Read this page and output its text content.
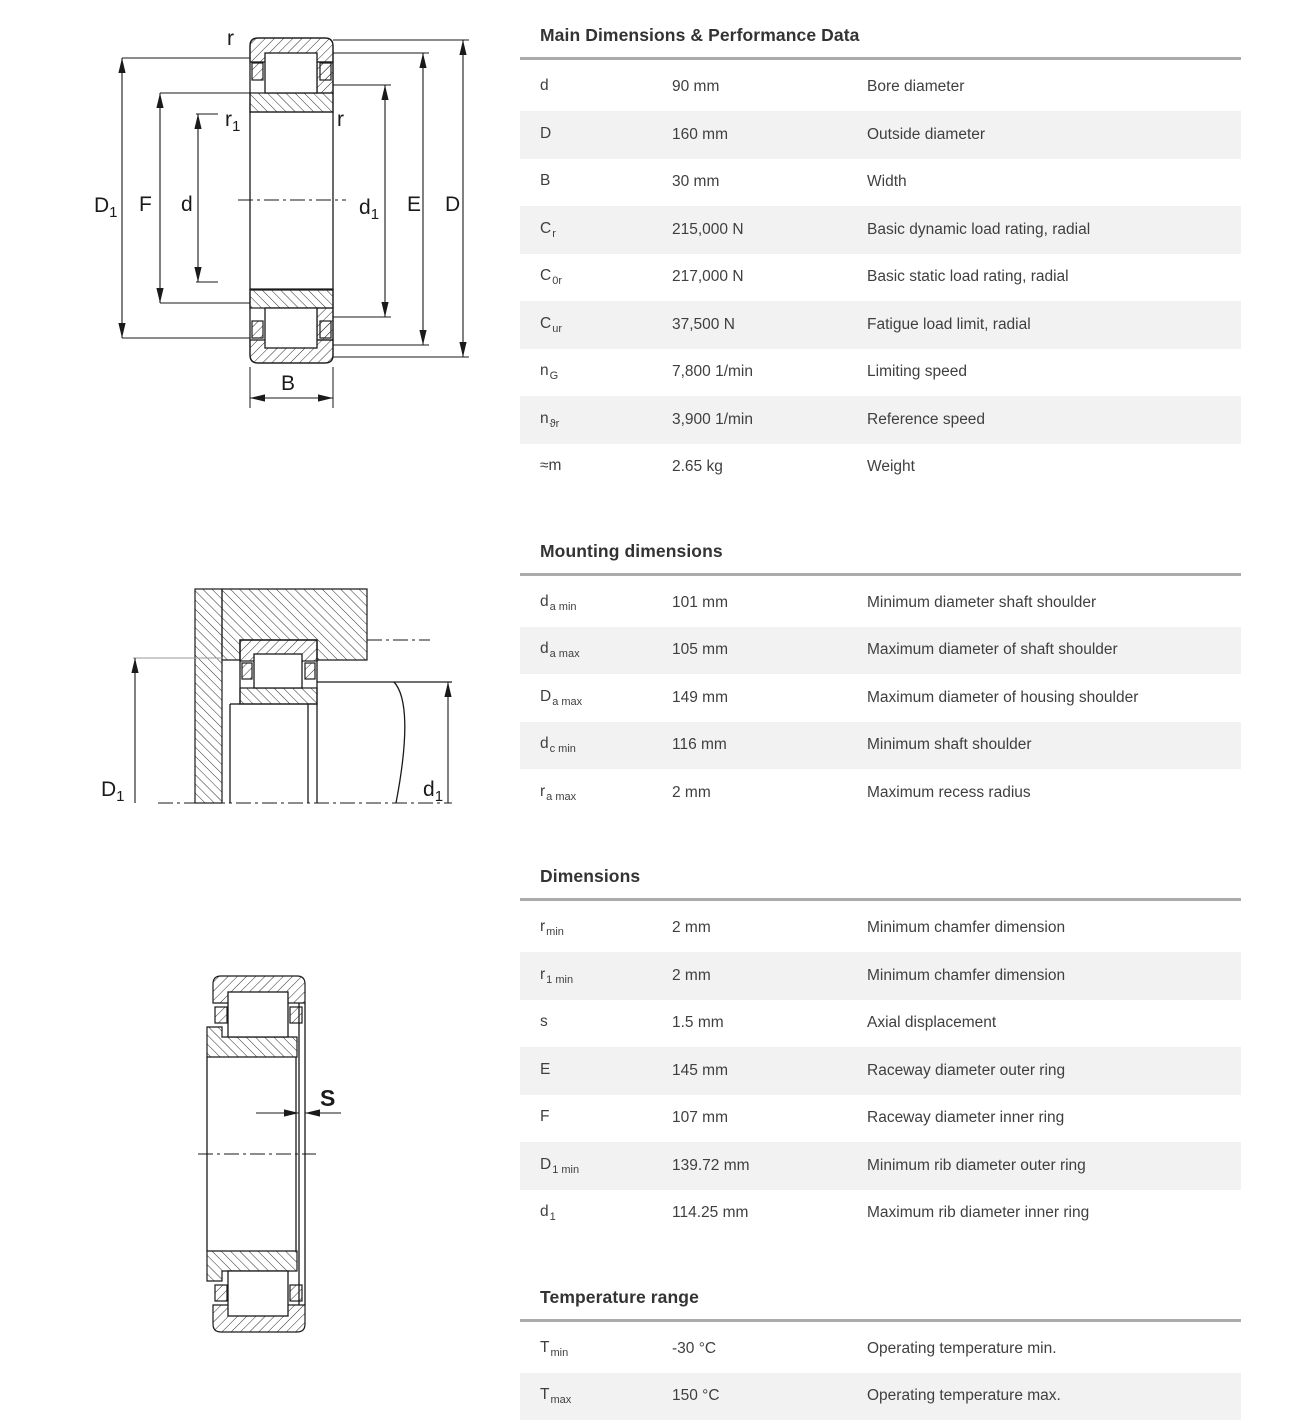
r
$r_1$	r
$D_1$ F d	$d_1$ E D
B
$D_1$	$d_1$
S
Main Dimensions & Performance Data
d	90 mm	Bore diameter
D	160 mm	Outside diameter
B	30 mm	Width
$C_r$	215,000 N	Basic dynamic load rating, radial
$C_{0r}$	217,000 N	Basic static load rating, radial
$C_{ur}$	37,500 N	Fatigue load limit, radial
$n_G$	7,800 1/min	Limiting speed
$n_{ϑr}$	3,900 1/min	Reference speed
≈m	2.65 kg	Weight
Mounting dimensions
$d_{a min}$	101 mm	Minimum diameter shaft shoulder
$d_{a max}$	105 mm	Maximum diameter of shaft shoulder
$D_{a max}$	149 mm	Maximum diameter of housing shoulder
$d_{c min}$	116 mm	Minimum shaft shoulder
$r_{a max}$	2 mm	Maximum recess radius
Dimensions
$r_{min}$	2 mm	Minimum chamfer dimension
$r_{1 min}$	2 mm	Minimum chamfer dimension
s	1.5 mm	Axial displacement
E	145 mm	Raceway diameter outer ring
F	107 mm	Raceway diameter inner ring
$D_{1 min}$	139.72 mm	Minimum rib diameter outer ring
$d_1$	114.25 mm	Maximum rib diameter inner ring
Temperature range
$T_{min}$	-30 °C	Operating temperature min.
$T_{max}$	150 °C	Operating temperature max.
